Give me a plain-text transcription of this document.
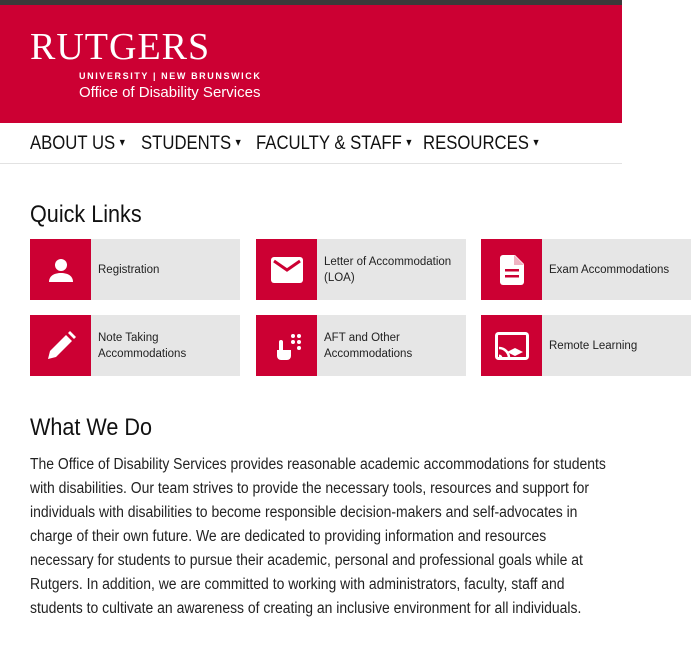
RUTGERS
UNIVERSITY | NEW BRUNSWICK
Office of Disability Services
ABOUT US ▾ STUDENTS ▾ FACULTY & STAFF ▾ RESOURCES ▾
Quick Links
Registration
Letter of Accommodation
(LOA)
Exam Accommodations
Note Taking
Accommodations
AFT and Other
Accommodations
Remote Learning
What We Do

The Office of Disability Services provides reasonable academic accommodations for students with disabilities. Our team strives to provide the necessary tools, resources and support for individuals with disabilities to become responsible decision-makers and self-advocates in charge of their own future. We are dedicated to providing information and resources necessary for students to pursue their academic, personal and professional goals while at Rutgers. In addition, we are committed to working with administrators, faculty, staff and students to cultivate an awareness of creating an inclusive environment for all individuals.
